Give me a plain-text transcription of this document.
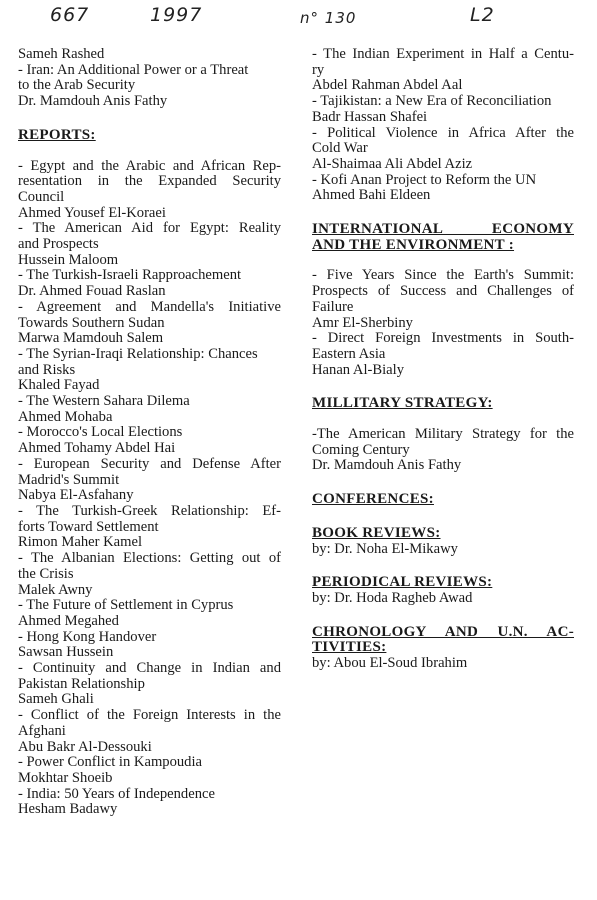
667	1997	n° 130	L2
Sameh Rashed
- Iran: An Additional Power or a Threat
to the Arab Security
Dr. Mamdouh Anis Fathy
REPORTS:
- Egypt and the Arabic and African Rep-
resentation in the Expanded Security
Council
Ahmed Yousef El-Koraei
- The American Aid for Egypt: Reality
and Prospects
Hussein Maloom
- The Turkish-Israeli Rapproachement
Dr. Ahmed Fouad Raslan
- Agreement and Mandella's Initiative
Towards Southern Sudan
Marwa Mamdouh Salem
- The Syrian-Iraqi Relationship: Chances
and Risks
Khaled Fayad
- The Western Sahara Dilema
Ahmed Mohaba
- Morocco's Local Elections
Ahmed Tohamy Abdel Hai
- European Security and Defense After
Madrid's Summit
Nabya El-Asfahany
- The Turkish-Greek Relationship: Ef-
forts Toward Settlement
Rimon Maher Kamel
- The Albanian Elections: Getting out of
the Crisis
Malek Awny
- The Future of Settlement in Cyprus
Ahmed Megahed
- Hong Kong Handover
Sawsan Hussein
- Continuity and Change in Indian and
Pakistan Relationship
Sameh Ghali
- Conflict of the Foreign Interests in the
Afghani
Abu Bakr Al-Dessouki
- Power Conflict in Kampoudia
Mokhtar Shoeib
- India: 50 Years of Independence
Hesham Badawy
- The Indian Experiment in Half a Centu-
ry
Abdel Rahman Abdel Aal
- Tajikistan: a New Era of Reconciliation
Badr Hassan Shafei
- Political Violence in Africa After the
Cold War
Al-Shaimaa Ali Abdel Aziz
- Kofi Anan Project to Reform the UN
Ahmed Bahi Eldeen
INTERNATIONAL ECONOMY
AND THE ENVIRONMENT :
- Five Years Since the Earth's Summit:
Prospects of Success and Challenges of
Failure
Amr El-Sherbiny
- Direct Foreign Investments in South-
Eastern Asia
Hanan Al-Bialy
MILLITARY STRATEGY:
-The American Military Strategy for the
Coming Century
Dr. Mamdouh Anis Fathy
CONFERENCES:
BOOK REVIEWS:
by: Dr. Noha El-Mikawy
PERIODICAL REVIEWS:
by: Dr. Hoda Ragheb Awad
CHRONOLOGY AND U.N. AC-
TIVITIES:
by: Abou El-Soud Ibrahim
